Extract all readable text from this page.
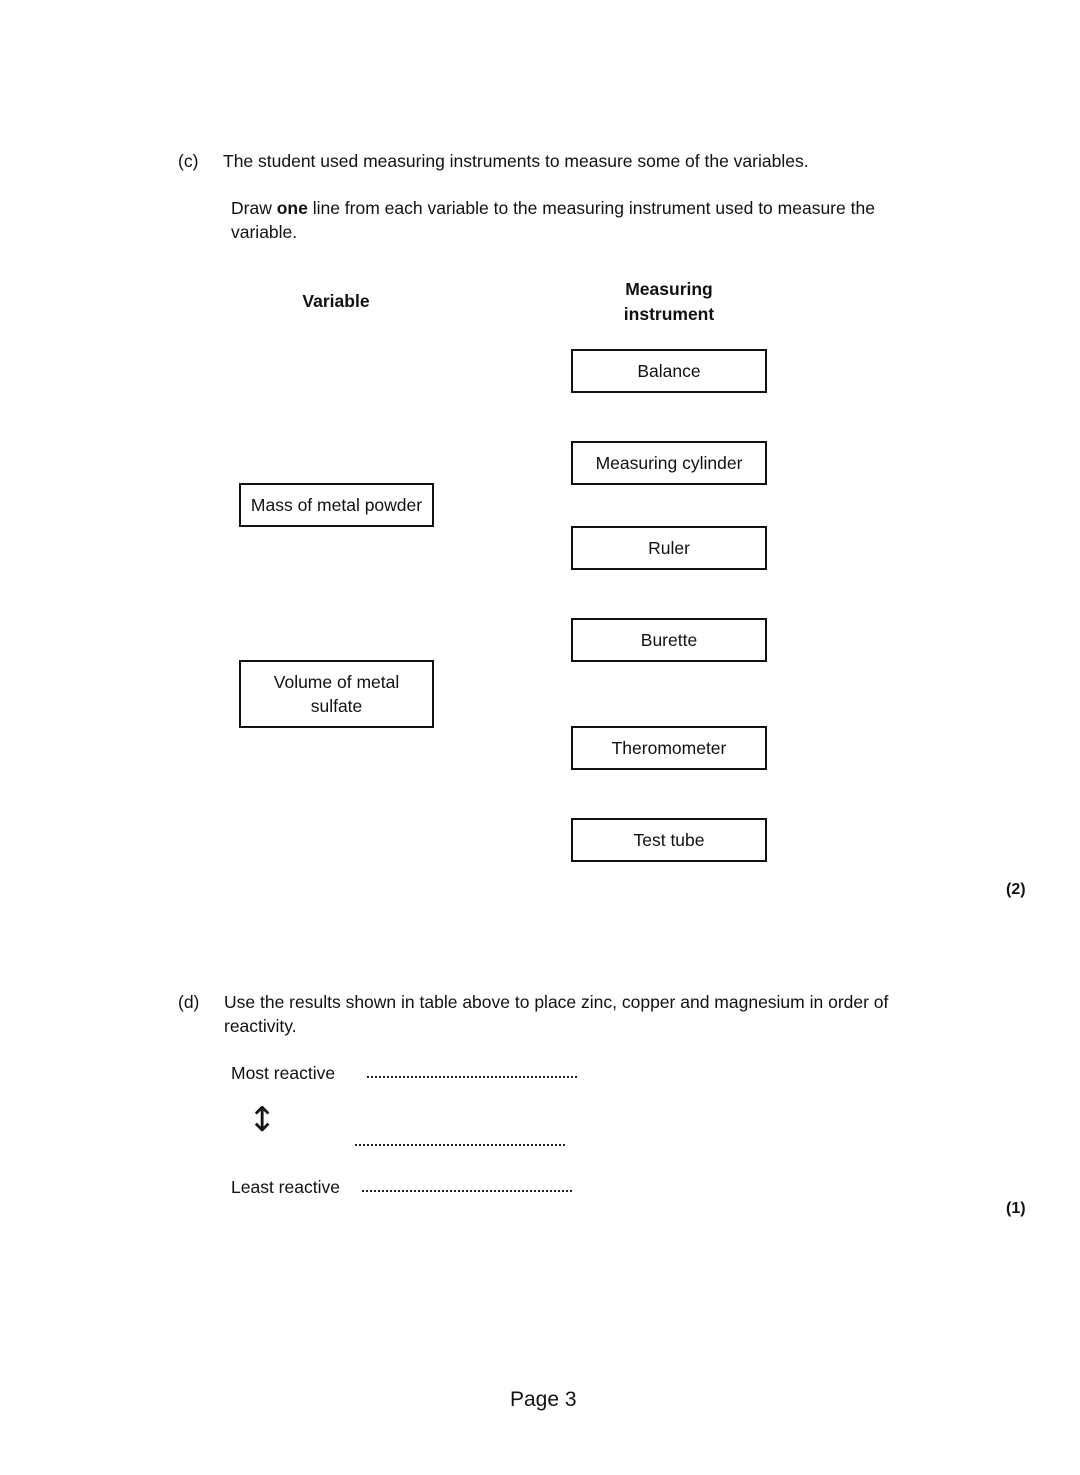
(c) The student used measuring instruments to measure some of the variables.
Draw one line from each variable to the measuring instrument used to measure the variable.
Variable
Measuring instrument
Mass of metal powder
Volume of metal sulfate
Balance
Measuring cylinder
Ruler
Burette
Theromometer
Test tube
(2)
(d) Use the results shown in table above to place zinc, copper and magnesium in order of reactivity.
Most reactive
↕
Least reactive
(1)
Page 3
